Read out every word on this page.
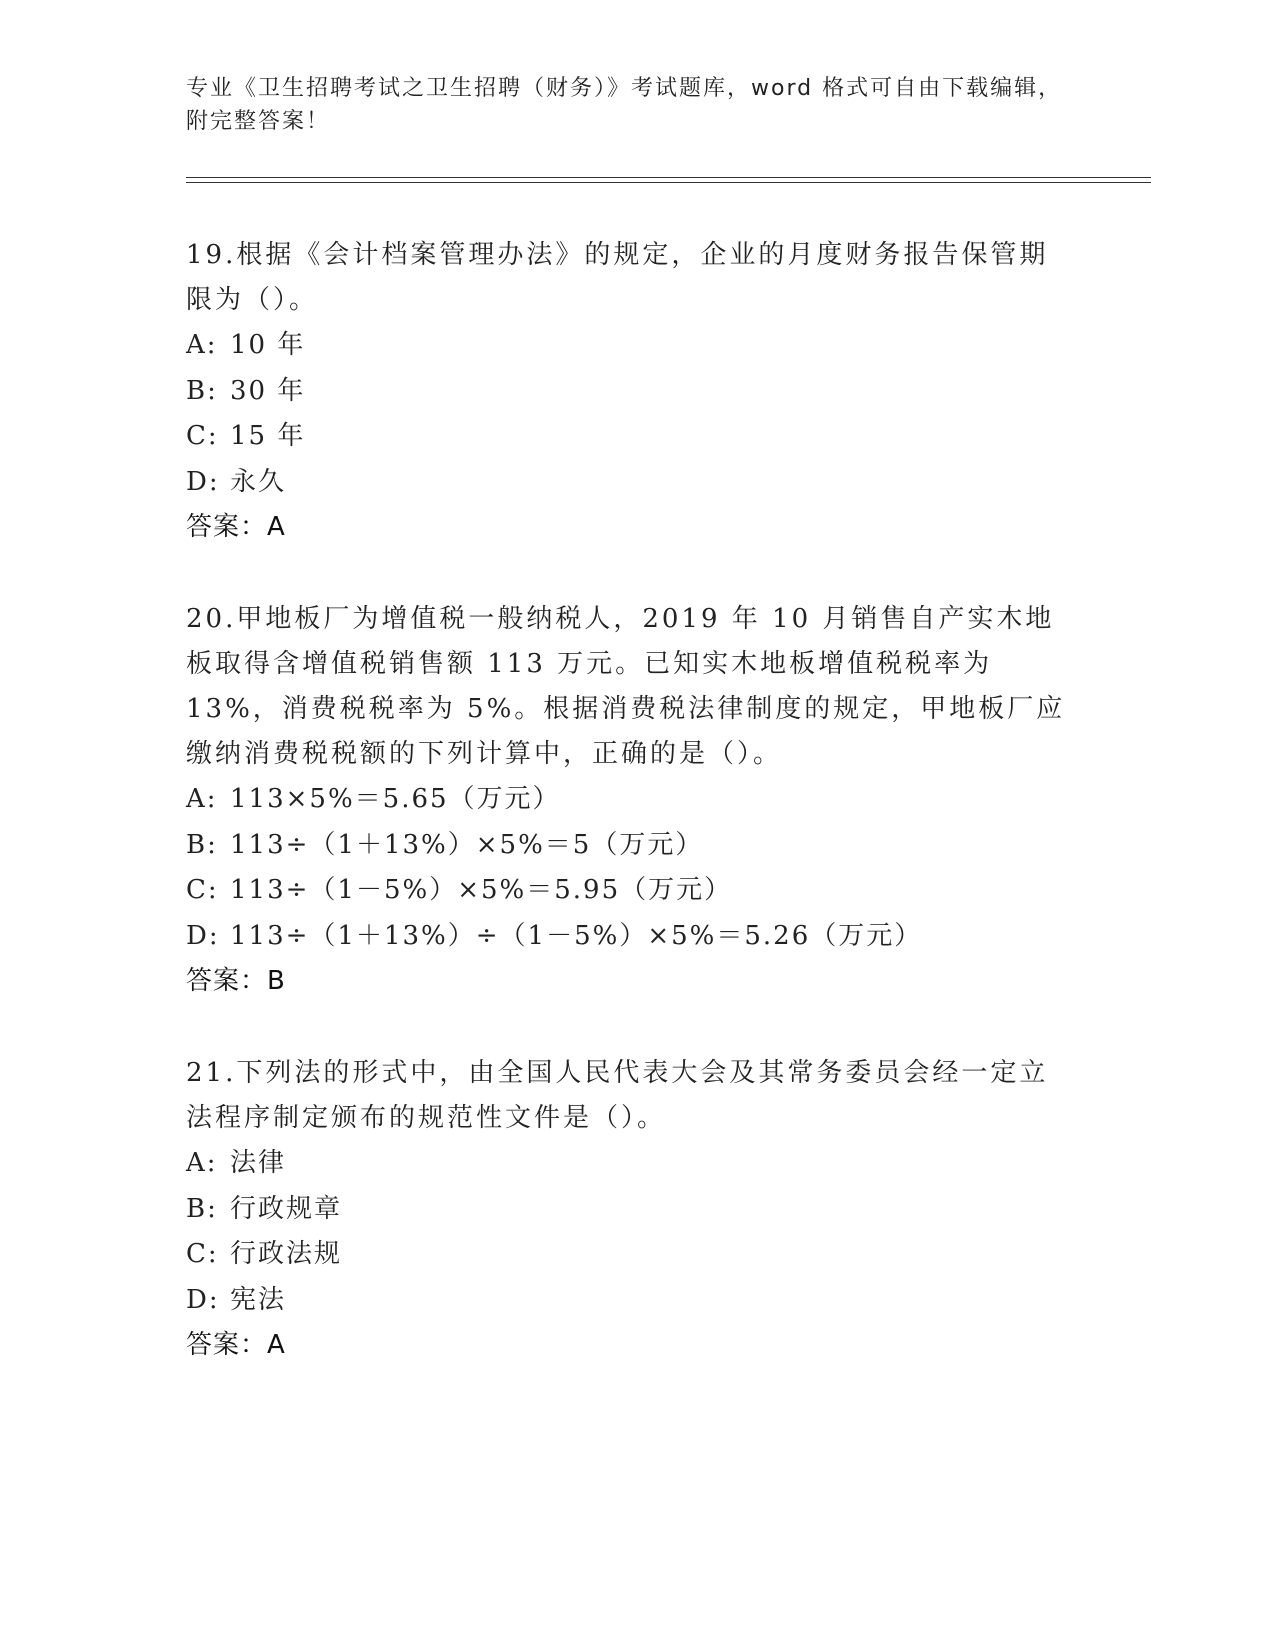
专业《卫生招聘考试之卫生招聘（财务）》考试题库，word 格式可自由下载编辑，附完整答案！

19.根据《会计档案管理办法》的规定，企业的月度财务报告保管期限为（）。

A: 10 年

B: 30 年

C: 15 年

D: 永久

答案：A

20.甲地板厂为增值税一般纳税人，2019 年 10 月销售自产实木地板取得含增值税销售额 113 万元。已知实木地板增值税税率为 13%，消费税税率为 5%。根据消费税法律制度的规定，甲地板厂应缴纳消费税税额的下列计算中，正确的是（）。

A: 113×5%＝5.65（万元）

B: 113÷（1＋13%）×5%＝5（万元）

C: 113÷（1－5%）×5%＝5.95（万元）

D: 113÷（1＋13%）÷（1－5%）×5%＝5.26（万元）

答案：B

21.下列法的形式中，由全国人民代表大会及其常务委员会经一定立法程序制定颁布的规范性文件是（）。

A: 法律

B: 行政规章

C: 行政法规

D: 宪法

答案：A
